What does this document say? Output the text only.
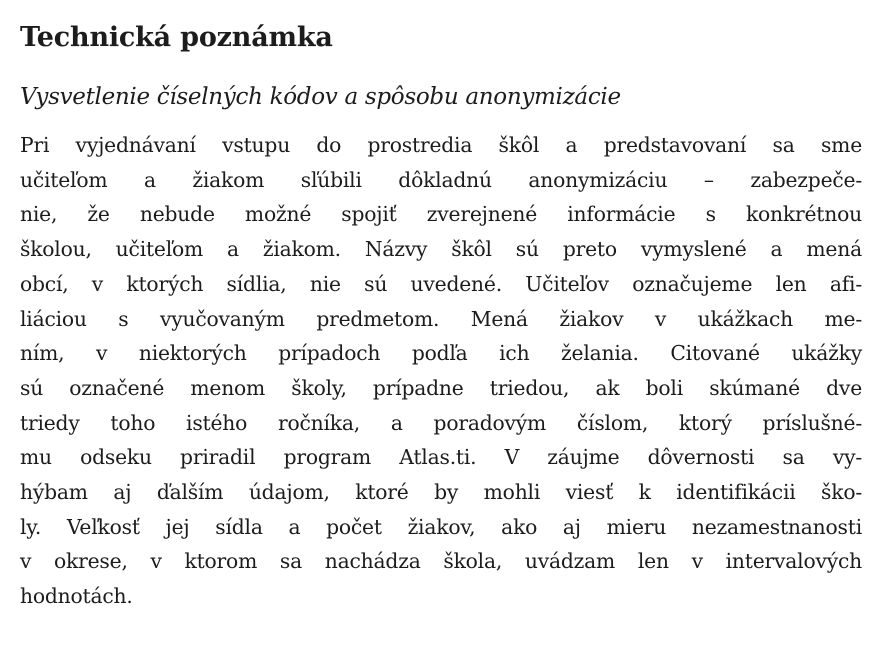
Technická poznámka
Vysvetlenie číselných kódov a spôsobu anonymizácie

Pri vyjednávaní vstupu do prostredia škôl a predstavovaní sa sme
učiteľom a žiakom sľúbili dôkladnú anonymizáciu – zabezpeče-
nie, že nebude možné spojiť zverejnené informácie s konkrétnou
školou, učiteľom a žiakom. Názvy škôl sú preto vymyslené a mená
obcí, v ktorých sídlia, nie sú uvedené. Učiteľov označujeme len afi-
liáciou s vyučovaným predmetom. Mená žiakov v ukážkach me-
ním, v niektorých prípadoch podľa ich želania. Citované ukážky
sú označené menom školy, prípadne triedou, ak boli skúmané dve
triedy toho istého ročníka, a poradovým číslom, ktorý príslušné-
mu odseku priradil program Atlas.ti. V záujme dôvernosti sa vy-
hýbam aj ďalším údajom, ktoré by mohli viesť k identifikácii ško-
ly. Veľkosť jej sídla a počet žiakov, ako aj mieru nezamestnanosti
v okrese, v ktorom sa nachádza škola, uvádzam len v intervalových
hodnotách.
